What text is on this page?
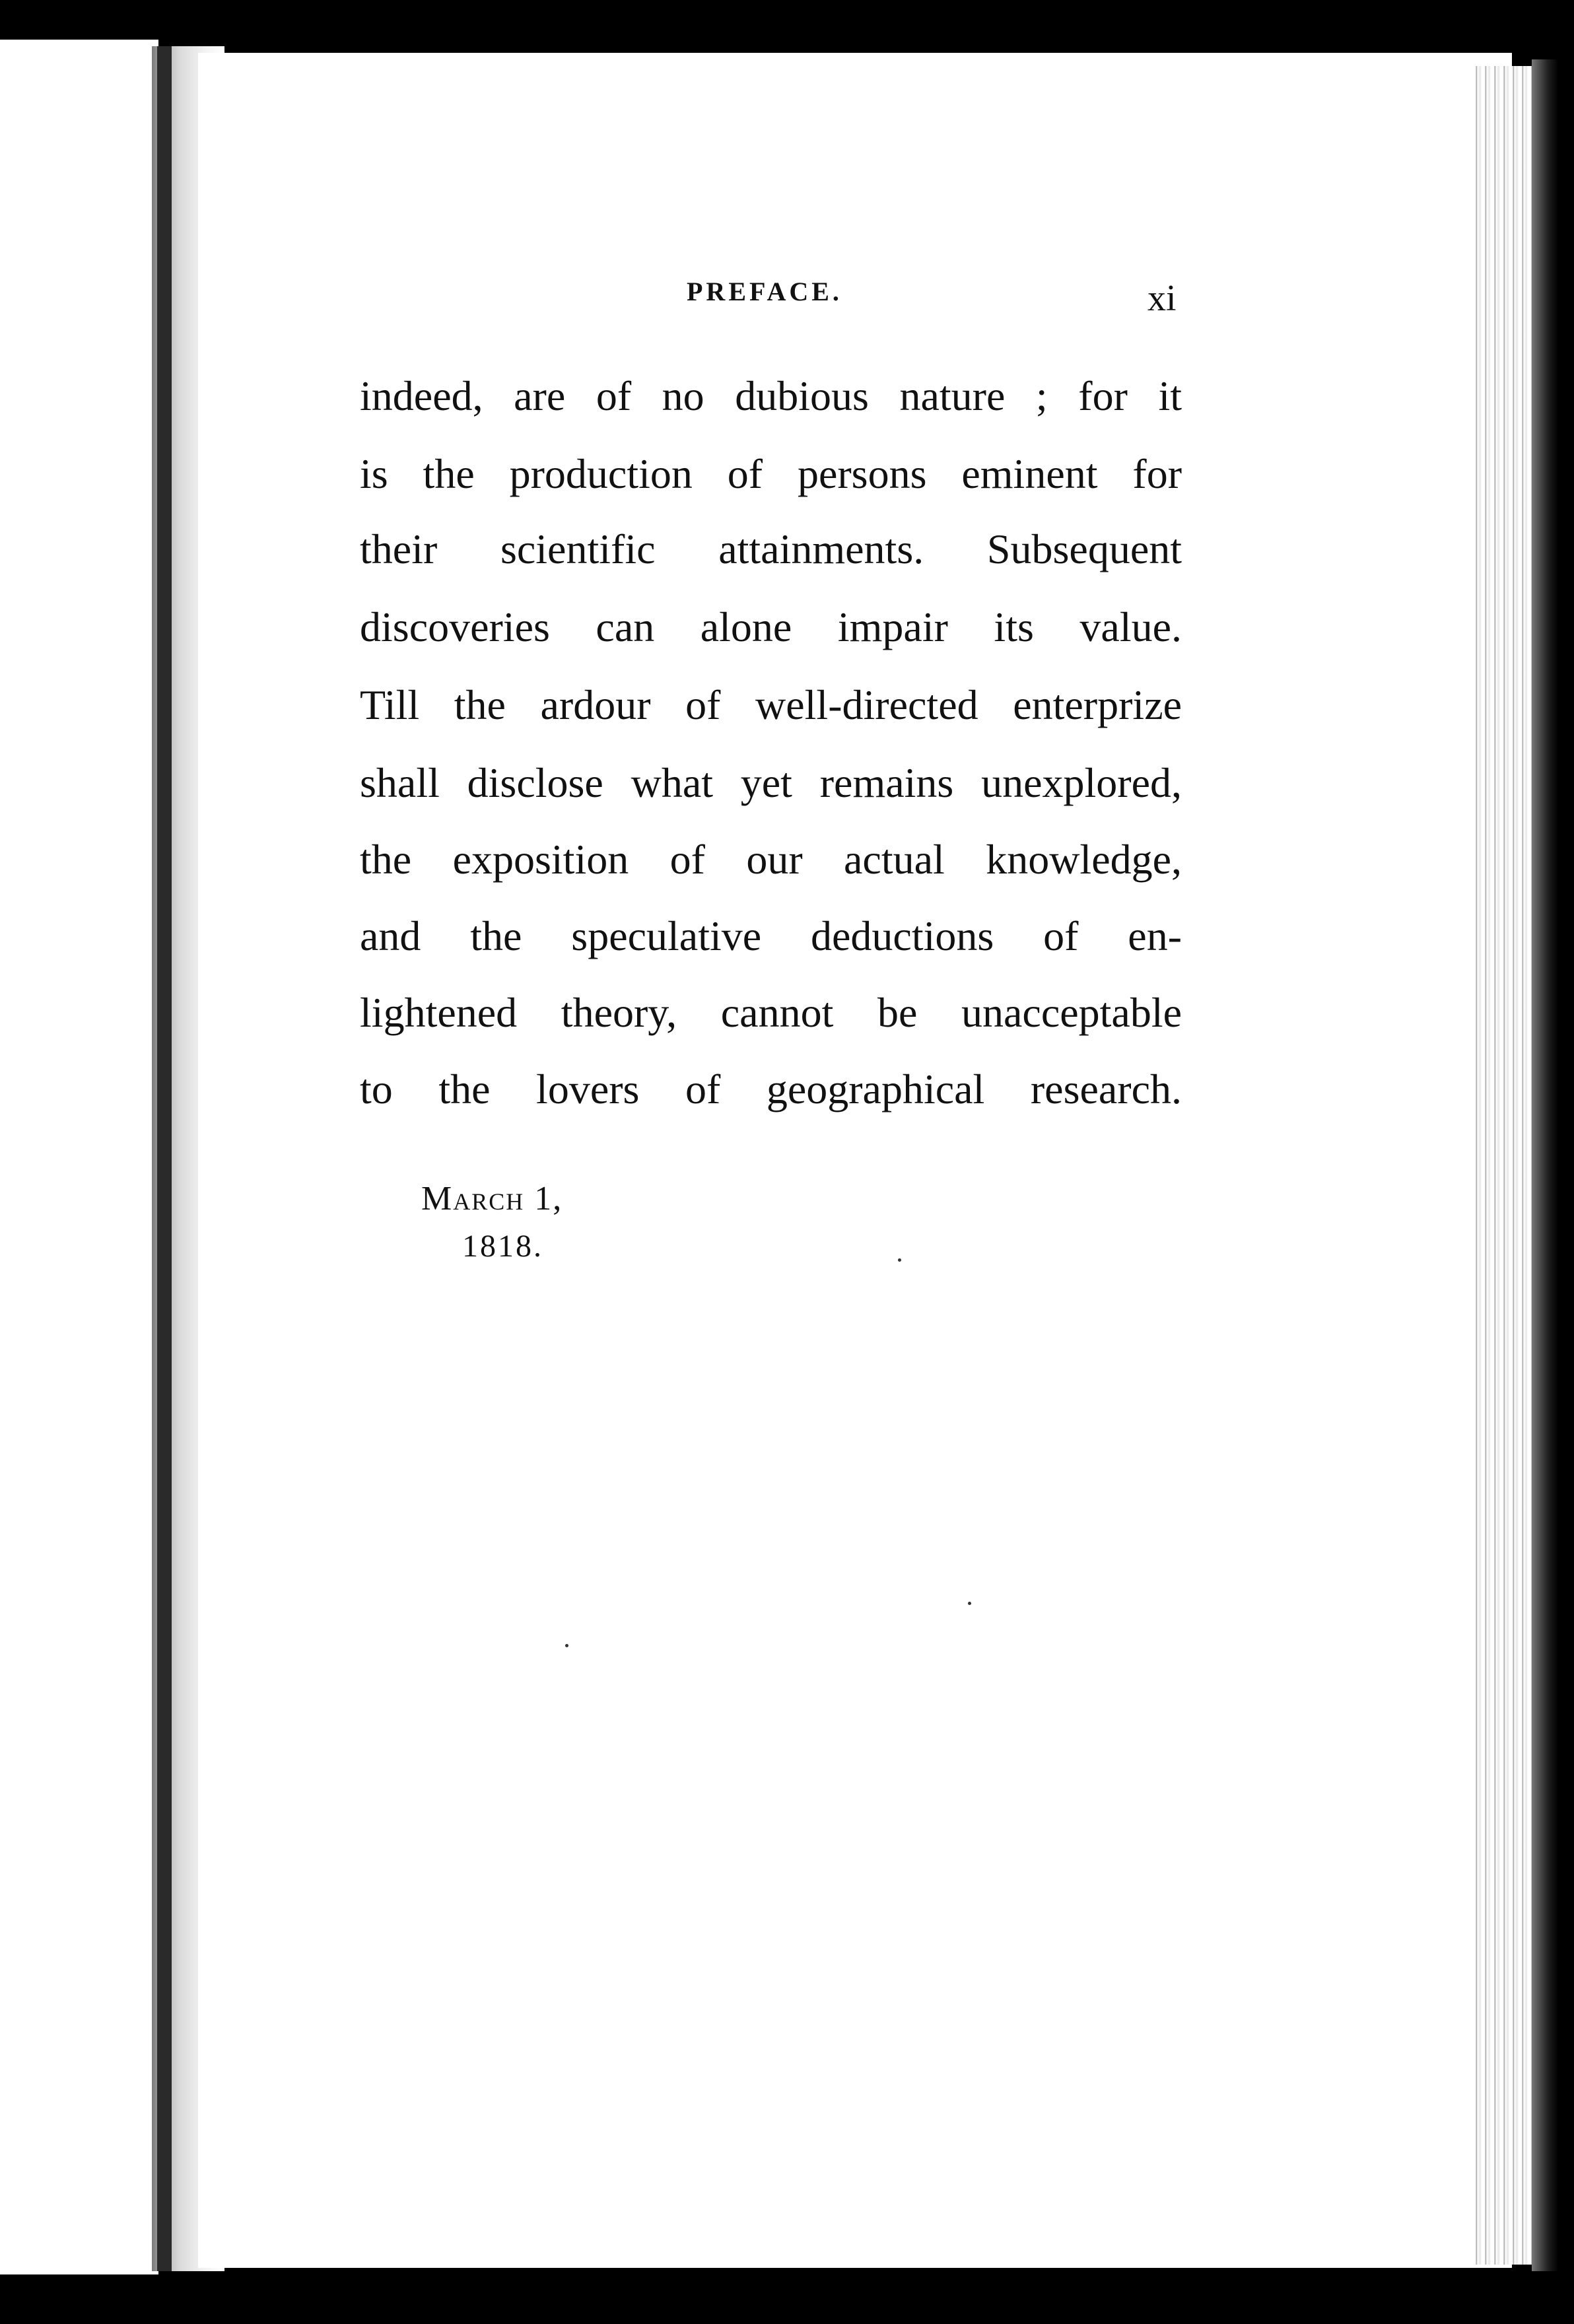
PREFACE.	xi
indeed, are of no dubious nature ; for it
is the production of persons eminent for
their scientific attainments. Subsequent
discoveries can alone impair its value.
Till the ardour of well-directed enterprize
shall disclose what yet remains unexplored,
the exposition of our actual knowledge,
and the speculative deductions of en-
lightened theory, cannot be unacceptable
to the lovers of geographical research.
March 1,
1818.
